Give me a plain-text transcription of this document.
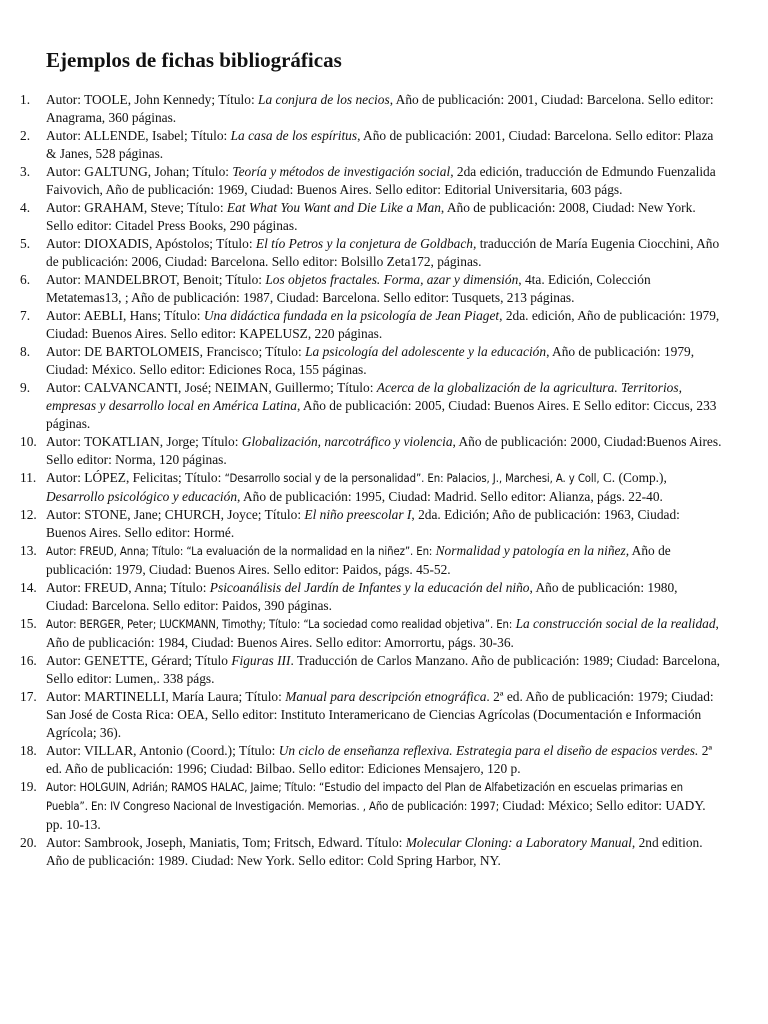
Ejemplos de fichas bibliográficas
1.	Autor: TOOLE, John Kennedy; Título: La conjura de los necios, Año de publicación: 2001, Ciudad: Barcelona. Sello editor: Anagrama, 360 páginas.
2.	Autor: ALLENDE, Isabel; Título: La casa de los espíritus, Año de publicación: 2001, Ciudad: Barcelona. Sello editor: Plaza & Janes, 528 páginas.
3.	Autor: GALTUNG, Johan; Título: Teoría y métodos de investigación social, 2da edición, traducción de Edmundo Fuenzalida Faivovich, Año de publicación: 1969, Ciudad: Buenos Aires. Sello editor: Editorial Universitaria, 603 págs.
4.	Autor: GRAHAM, Steve; Título: Eat What You Want and Die Like a Man, Año de publicación: 2008, Ciudad: New York. Sello editor: Citadel Press Books, 290 páginas.
5.	Autor: DIOXADIS, Apóstolos; Título: El tío Petros y la conjetura de Goldbach, traducción de María Eugenia Ciocchini, Año de publicación: 2006, Ciudad: Barcelona. Sello editor: Bolsillo Zeta172, páginas.
6.	Autor: MANDELBROT, Benoit; Título: Los objetos fractales. Forma, azar y dimensión, 4ta. Edición, Colección Metatemas13, ; Año de publicación: 1987, Ciudad: Barcelona. Sello editor: Tusquets, 213 páginas.
7.	Autor: AEBLI, Hans; Título: Una didáctica fundada en la psicología de Jean Piaget, 2da. edición, Año de publicación: 1979, Ciudad: Buenos Aires. Sello editor: KAPELUSZ, 220 páginas.
8.	Autor: DE BARTOLOMEIS, Francisco; Título: La psicología del adolescente y la educación, Año de publicación: 1979, Ciudad: México. Sello editor: Ediciones Roca, 155 páginas.
9.	Autor: CALVANCANTI, José; NEIMAN, Guillermo; Título: Acerca de la globalización de la agricultura. Territorios, empresas y desarrollo local en América Latina, Año de publicación: 2005, Ciudad: Buenos Aires. E Sello editor: Ciccus, 233 páginas.
10. Autor: TOKATLIAN, Jorge; Título: Globalización, narcotráfico y violencia, Año de publicación: 2000, Ciudad:Buenos Aires. Sello editor: Norma, 120 páginas.
11. Autor: LÓPEZ, Felicitas; Título: “Desarrollo social y de la personalidad”. En: Palacios, J., Marchesi, A. y Coll, C. (Comp.), Desarrollo psicológico y educación, Año de publicación: 1995, Ciudad: Madrid. Sello editor: Alianza, págs. 22-40.
12. Autor: STONE, Jane; CHURCH, Joyce; Título: El niño preescolar I, 2da. Edición; Año de publicación: 1963, Ciudad: Buenos Aires. Sello editor: Hormé.
13. Autor: FREUD, Anna; Título: “La evaluación de la normalidad en la niñez”. En: Normalidad y patología en la niñez, Año de publicación: 1979, Ciudad: Buenos Aires. Sello editor: Paidos, págs. 45-52.
14. Autor: FREUD, Anna; Título: Psicoanálisis del Jardín de Infantes y la educación del niño, Año de publicación: 1980, Ciudad: Barcelona. Sello editor: Paidos, 390 páginas.
15. Autor: BERGER, Peter; LUCKMANN, Timothy; Título: “La sociedad como realidad objetiva”. En: La construcción social de la realidad, Año de publicación: 1984, Ciudad: Buenos Aires. Sello editor: Amorrortu, págs. 30-36.
16. Autor: GENETTE, Gérard; Título Figuras III. Traducción de Carlos Manzano. Año de publicación: 1989; Ciudad: Barcelona, Sello editor: Lumen,. 338 págs.
17. Autor: MARTINELLI, María Laura; Título: Manual para descripción etnográfica. 2ª ed. Año de publicación: 1979; Ciudad: San José de Costa Rica: OEA, Sello editor: Instituto Interamericano de Ciencias Agrícolas (Documentación e Información Agrícola; 36).
18. Autor: VILLAR, Antonio (Coord.); Título: Un ciclo de enseñanza reflexiva. Estrategia para el diseño de espacios verdes. 2ª ed. Año de publicación: 1996; Ciudad: Bilbao. Sello editor: Ediciones Mensajero, 120 p.
19. Autor: HOLGUIN, Adrián; RAMOS HALAC, Jaime; Título: “Estudio del impacto del Plan de Alfabetización en escuelas primarias en Puebla”. En: IV Congreso Nacional de Investigación. Memorias. , Año de publicación: 1997; Ciudad: México; Sello editor: UADY. pp. 10-13.
20. Autor: Sambrook, Joseph, Maniatis, Tom; Fritsch, Edward. Título: Molecular Cloning: a Laboratory Manual, 2nd edition. Año de publicación: 1989. Ciudad: New York. Sello editor: Cold Spring Harbor, NY.
